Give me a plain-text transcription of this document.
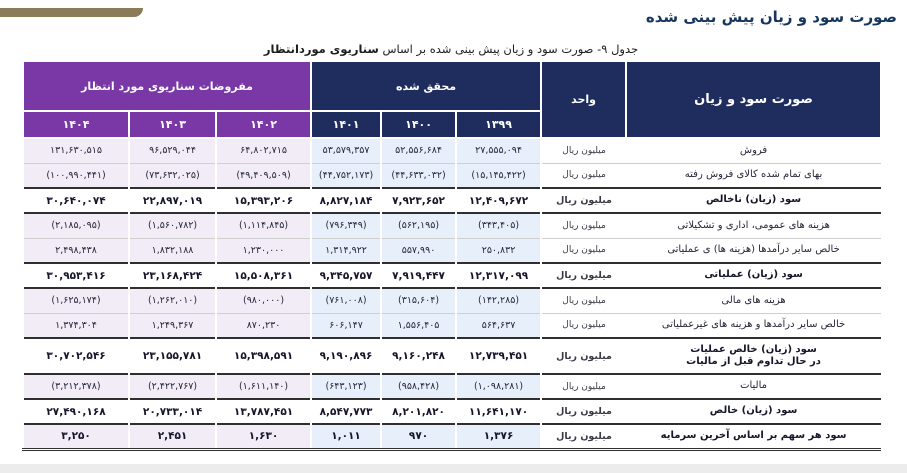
صورت سود و زیان پیش بینی شده
جدول ۹- صورت سود و زیان پیش بینی شده بر اساس سناریوی موردانتظار
صورت سود و زیان	واحد	محقق شده			مفروضات سناریوی مورد انتظار		
		۱۳۹۹	۱۴۰۰	۱۴۰۱	۱۴۰۲	۱۴۰۳	۱۴۰۴

فروش	میلیون ریال	۲۷,۵۵۵,۰۹۴	۵۲,۵۵۶,۶۸۴	۵۳,۵۷۹,۳۵۷	۶۴,۸۰۲,۷۱۵	۹۶,۵۲۹,۰۴۴	۱۳۱,۶۳۰,۵۱۵

بهای تمام شده کالای فروش رفته	میلیون ریال	(۱۵,۱۴۵,۴۲۲)	(۴۴,۶۳۳,۰۳۲)	(۴۴,۷۵۲,۱۷۳)	(۴۹,۴۰۹,۵۰۹)	(۷۳,۶۳۲,۰۲۵)	(۱۰۰,۹۹۰,۴۴۱)

سود (زیان) ناخالص	میلیون ریال	۱۲,۴۰۹,۶۷۲	۷,۹۲۳,۶۵۲	۸,۸۲۷,۱۸۴	۱۵,۳۹۳,۲۰۶	۲۲,۸۹۷,۰۱۹	۳۰,۶۴۰,۰۷۴

هزینه های عمومی، اداری و تشکیلاتی	میلیون ریال	(۳۴۳,۴۰۵)	(۵۶۲,۱۹۵)	(۷۹۶,۳۴۹)	(۱,۱۱۴,۸۴۵)	(۱,۵۶۰,۷۸۲)	(۲,۱۸۵,۰۹۵)

خالص سایر درآمدها (هزینه ها) ی عملیاتی	میلیون ریال	۲۵۰,۸۳۲	۵۵۷,۹۹۰	۱,۳۱۴,۹۲۲	۱,۲۳۰,۰۰۰	۱,۸۳۲,۱۸۸	۲,۴۹۸,۴۳۸

سود (زیان) عملیاتی	میلیون ریال	۱۲,۳۱۷,۰۹۹	۷,۹۱۹,۴۴۷	۹,۳۴۵,۷۵۷	۱۵,۵۰۸,۳۶۱	۲۳,۱۶۸,۴۲۴	۳۰,۹۵۳,۴۱۶

هزینه های مالی	میلیون ریال	(۱۴۲,۲۸۵)	(۳۱۵,۶۰۴)	(۷۶۱,۰۰۸)	(۹۸۰,۰۰۰)	(۱,۲۶۲,۰۱۰)	(۱,۶۲۵,۱۷۴)

خالص سایر درآمدها و هزینه های غیرعملیاتی	میلیون ریال	۵۶۴,۶۳۷	۱,۵۵۶,۴۰۵	۶۰۶,۱۴۷	۸۷۰,۲۳۰	۱,۲۴۹,۳۶۷	۱,۳۷۴,۳۰۴

سود (زیان) خالص عملیات
در حال تداوم قبل از مالیات	میلیون ریال	۱۲,۷۳۹,۴۵۱	۹,۱۶۰,۲۴۸	۹,۱۹۰,۸۹۶	۱۵,۳۹۸,۵۹۱	۲۳,۱۵۵,۷۸۱	۳۰,۷۰۲,۵۴۶

مالیات	میلیون ریال	(۱,۰۹۸,۲۸۱)	(۹۵۸,۴۲۸)	(۶۴۳,۱۲۳)	(۱,۶۱۱,۱۴۰)	(۲,۴۲۲,۷۶۷)	(۳,۲۱۲,۳۷۸)

سود (زیان) خالص	میلیون ریال	۱۱,۶۴۱,۱۷۰	۸,۲۰۱,۸۲۰	۸,۵۴۷,۷۷۳	۱۳,۷۸۷,۴۵۱	۲۰,۷۳۳,۰۱۴	۲۷,۴۹۰,۱۶۸

سود هر سهم بر اساس آخرین سرمایه	میلیون ریال	۱,۳۷۶	۹۷۰	۱,۰۱۱	۱,۶۳۰	۲,۴۵۱	۳,۲۵۰
